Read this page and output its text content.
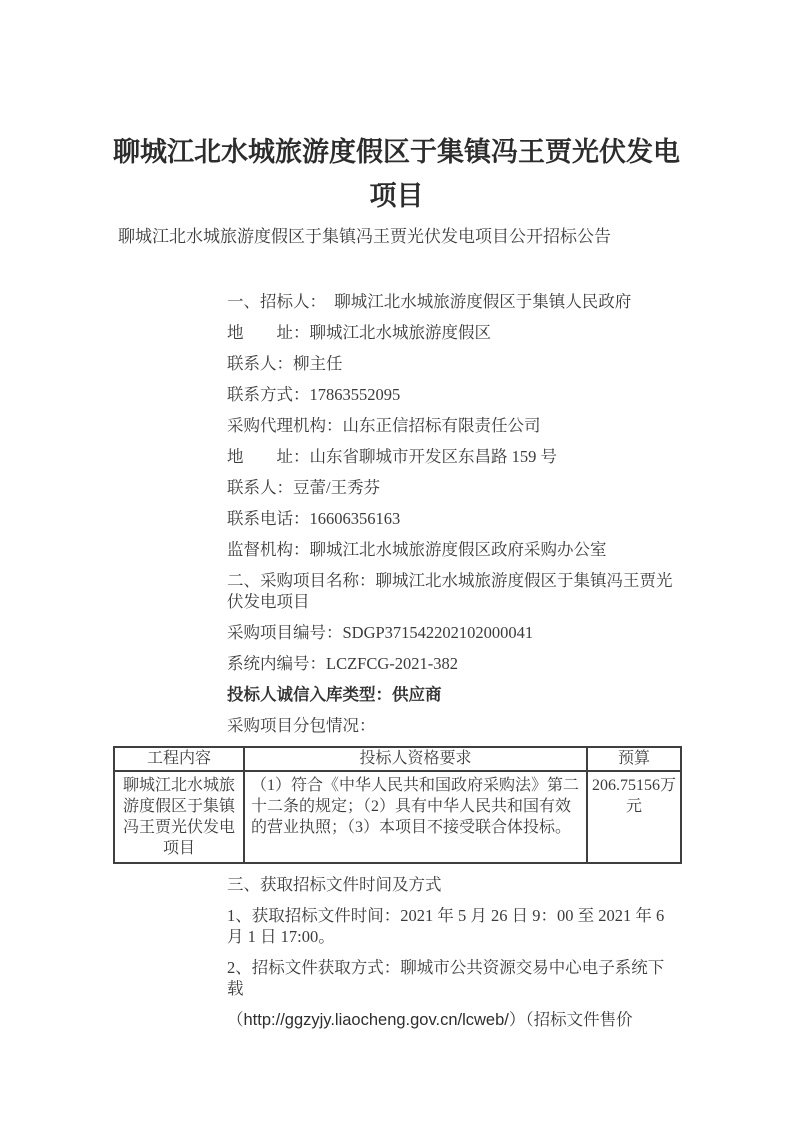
聊城江北水城旅游度假区于集镇冯王贾光伏发电
项目

聊城江北水城旅游度假区于集镇冯王贾光伏发电项目公开招标公告

一、招标人：　聊城江北水城旅游度假区于集镇人民政府

地　　址：聊城江北水城旅游度假区

联系人：柳主任

联系方式：17863552095

采购代理机构：山东正信招标有限责任公司

地　　址：山东省聊城市开发区东昌路 159 号

联系人：豆蕾/王秀芬

联系电话：16606356163

监督机构：聊城江北水城旅游度假区政府采购办公室

二、采购项目名称：聊城江北水城旅游度假区于集镇冯王贾光伏发电项目

采购项目编号：SDGP371542202102000041

系统内编号：LCZFCG-2021-382

投标人诚信入库类型：供应商

采购项目分包情况：

工程内容	投标人资格要求	预算
聊城江北水城旅游度假区于集镇冯王贾光伏发电项目	（1）符合《中华人民共和国政府采购法》第二十二条的规定；（2）具有中华人民共和国有效的营业执照；（3）本项目不接受联合体投标。	206.75156万元

三、获取招标文件时间及方式

1、获取招标文件时间：2021 年 5 月 26 日 9：00 至 2021 年 6 月 1 日 17:00。

2、招标文件获取方式：聊城市公共资源交易中心电子系统下载

（http://ggzyjy.liaocheng.gov.cn/lcweb/）（招标文件售价
